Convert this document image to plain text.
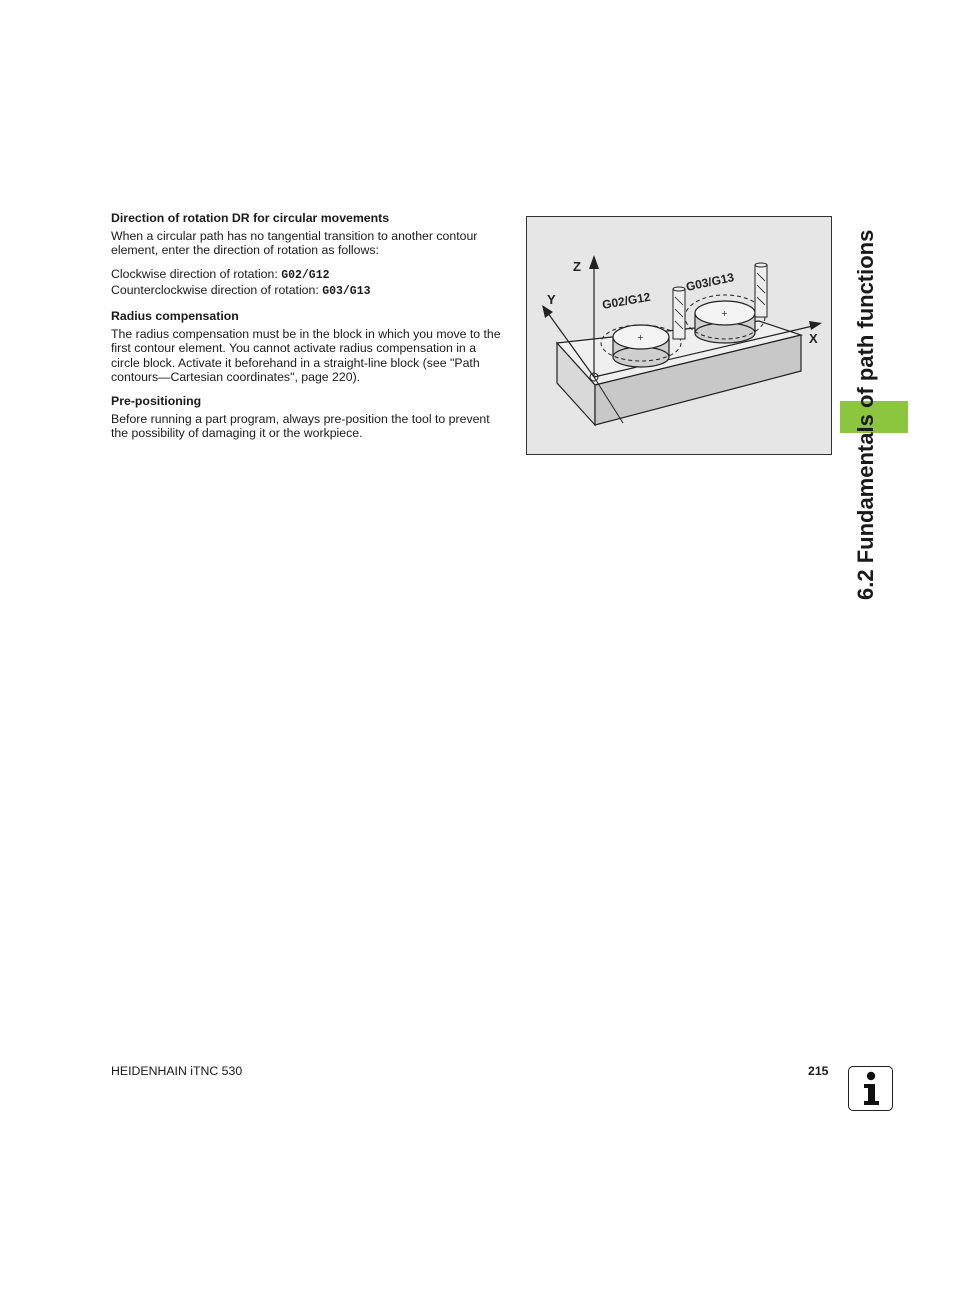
Direction of rotation DR for circular movements

When a circular path has no tangential transition to another contour element, enter the direction of rotation as follows:

Clockwise direction of rotation: G02/G12
Counterclockwise direction of rotation: G03/G13

Radius compensation

The radius compensation must be in the block in which you move to the first contour element. You cannot activate radius compensation in a circle block. Activate it beforehand in a straight-line block (see "Path contours—Cartesian coordinates", page 220).

Pre-positioning

Before running a part program, always pre-position the tool to prevent the possibility of damaging it or the workpiece.

+
+
Z
Y
X
G02/G12
G03/G13	6.2 Fundamentals of path functions
HEIDENHAIN iTNC 530	215
